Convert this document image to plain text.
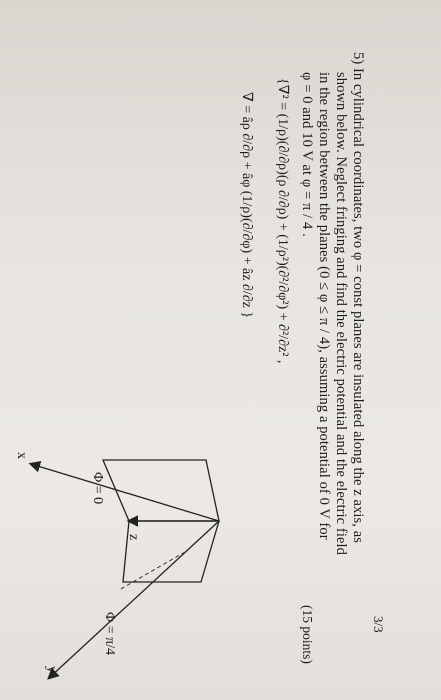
3/3
5) In cylindrical coordinates, two φ = const planes are insulated along the z axis, as
shown below. Neglect fringing and find the electric potential and the electric field
in the region between the planes (0 ≤ φ ≤ π / 4), assuming a potential of 0 V for
φ = 0 and 10 V at φ = π / 4 .
(15 points)
{∇² = (1/ρ)(∂/∂ρ)(ρ ∂/∂ρ) + (1/ρ²)(∂²/∂φ²) + ∂²/∂z² ,
∇ = âρ ∂/∂ρ + âφ (1/ρ)(∂/∂φ) + âz ∂/∂z }
z
x
y
Φ = 0
Φ = π/4
